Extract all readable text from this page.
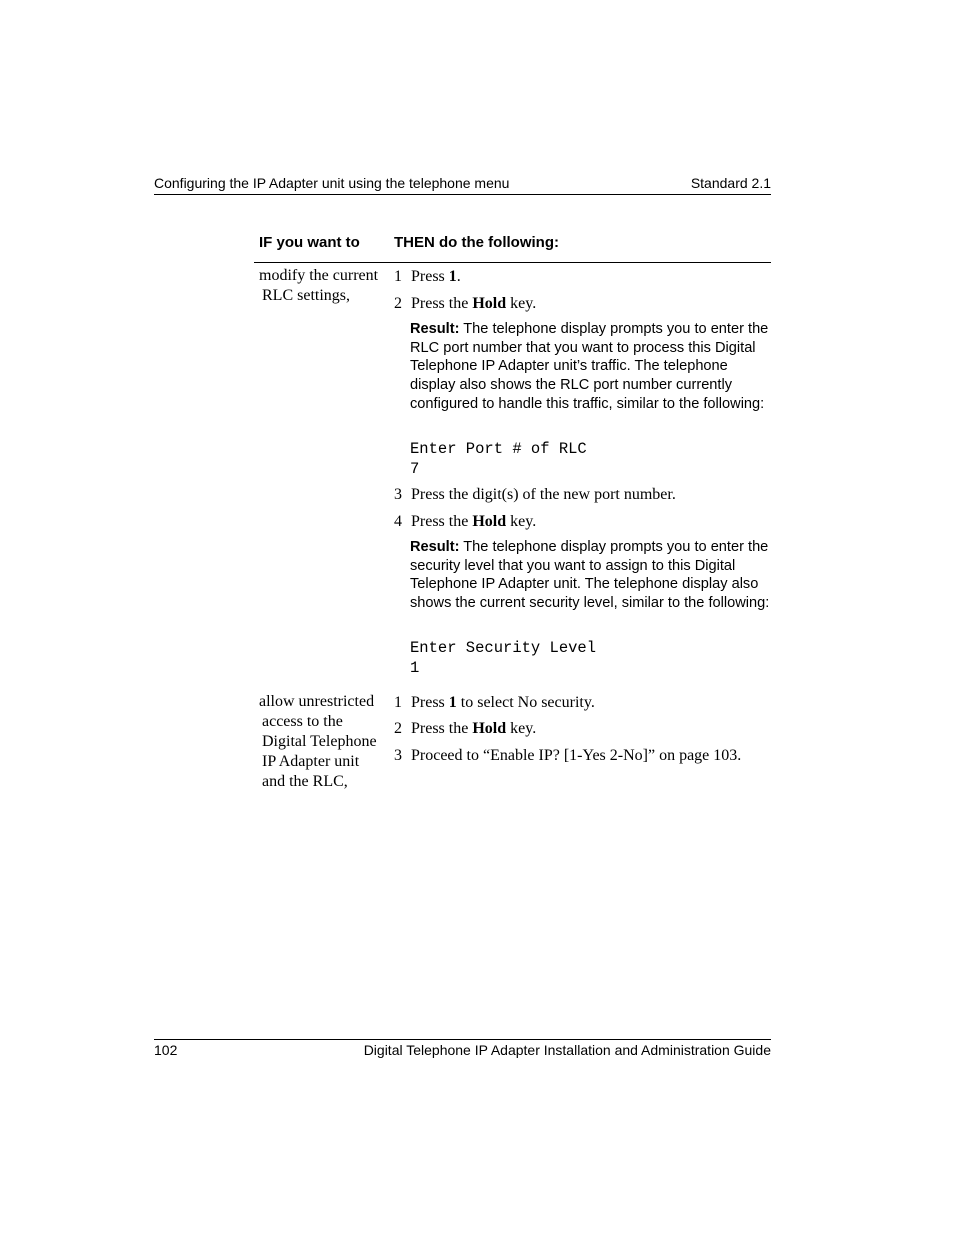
Configuring the IP Adapter unit using the telephone menu	Standard 2.1
IF you want to THEN do the following:
modify the current
RLC settings,
1 Press 1.
2 Press the Hold key.
Result: The telephone display prompts you to enter the RLC port number that you want to process this Digital Telephone IP Adapter unit’s traffic. The telephone display also shows the RLC port number currently configured to handle this traffic, similar to the following:
Enter Port # of RLC
7
3 Press the digit(s) of the new port number.
4 Press the Hold key.
Result: The telephone display prompts you to enter the security level that you want to assign to this Digital Telephone IP Adapter unit. The telephone display also shows the current security level, similar to the following:
Enter Security Level
1
allow unrestricted
access to the
Digital Telephone
IP Adapter unit
and the RLC,
1 Press 1 to select No security.
2 Press the Hold key.
3 Proceed to “Enable IP? [1-Yes 2-No]” on page 103.
102	Digital Telephone IP Adapter Installation and Administration Guide
